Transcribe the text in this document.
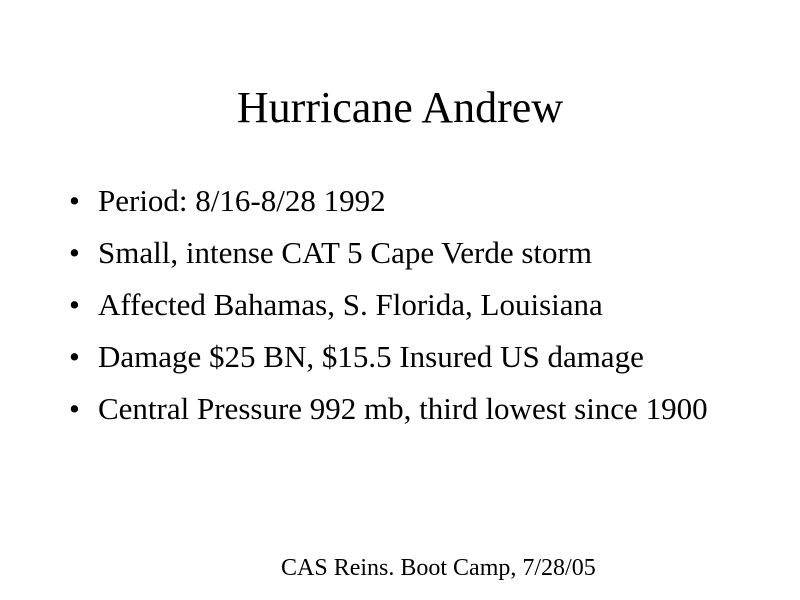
Hurricane Andrew
• Period: 8/16-8/28 1992
• Small, intense CAT 5 Cape Verde storm
• Affected Bahamas, S. Florida, Louisiana
• Damage $25 BN, $15.5 Insured US damage
• Central Pressure 992 mb, third lowest since 1900
CAS Reins. Boot Camp, 7/28/05
